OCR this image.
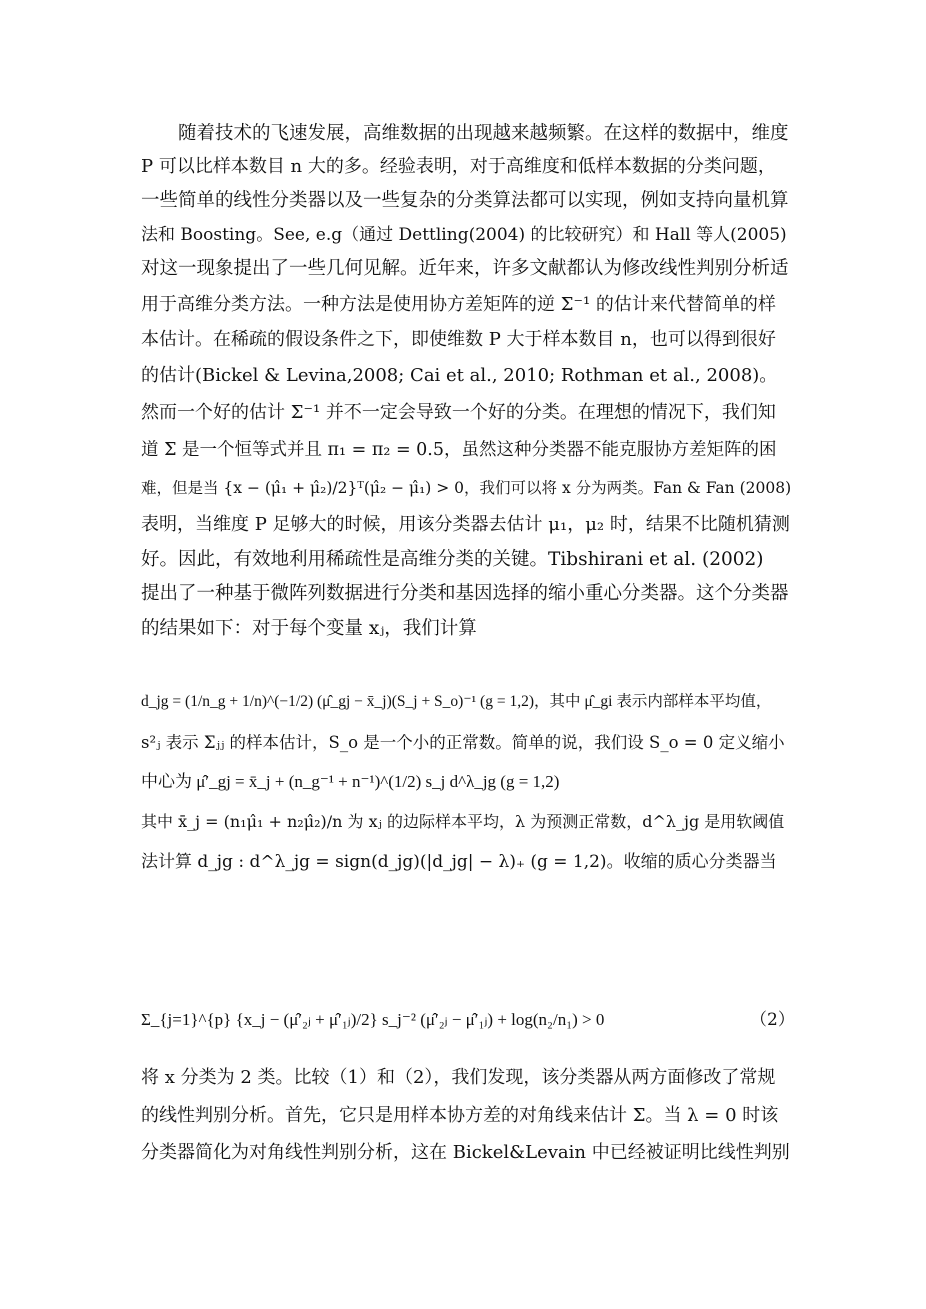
随着技术的飞速发展，高维数据的出现越来越频繁。在这样的数据中，维度
P 可以比样本数目 n 大的多。经验表明，对于高维度和低样本数据的分类问题，
一些简单的线性分类器以及一些复杂的分类算法都可以实现，例如支持向量机算
法和 Boosting。See, e.g（通过 Dettling(2004) 的比较研究）和 Hall 等人(2005)
对这一现象提出了一些几何见解。近年来，许多文献都认为修改线性判别分析适
用于高维分类方法。一种方法是使用协方差矩阵的逆 Σ⁻¹ 的估计来代替简单的样
本估计。在稀疏的假设条件之下，即使维数 P 大于样本数目 n，也可以得到很好
的估计(Bickel & Levina,2008; Cai et al., 2010; Rothman et al., 2008)。
然而一个好的估计 Σ⁻¹ 并不一定会导致一个好的分类。在理想的情况下，我们知
道 Σ 是一个恒等式并且 π₁ = π₂ = 0.5，虽然这种分类器不能克服协方差矩阵的困
难，但是当 {x − (μ̂₁ + μ̂₂)/2}ᵀ(μ̂₂ − μ̂₁) > 0，我们可以将 x 分为两类。Fan & Fan (2008)
表明，当维度 P 足够大的时候，用该分类器去估计 μ₁，μ₂ 时，结果不比随机猜测
好。因此，有效地利用稀疏性是高维分类的关键。Tibshirani et al. (2002)
提出了一种基于微阵列数据进行分类和基因选择的缩小重心分类器。这个分类器
的结果如下：对于每个变量 xⱼ，我们计算
d_jg = (1/n_g + 1/n)^(−1/2) (μ̂_gj − x̄_j)(S_j + S_o)⁻¹ (g = 1,2)，其中 μ̂_gi 表示内部样本平均值，
s²ⱼ 表示 Σⱼⱼ 的样本估计，S_o 是一个小的正常数。简单的说，我们设 S_o = 0 定义缩小
中心为 μ̂′_gj = x̄_j + (n_g⁻¹ + n⁻¹)^(1/2) s_j d^λ_jg (g = 1,2)
其中 x̄_j = (n₁μ̂₁ + n₂μ̂₂)/n 为 xⱼ 的边际样本平均，λ 为预测正常数，d^λ_jg 是用软阈值
法计算 d_jg : d^λ_jg = sign(d_jg)(|d_jg| − λ)₊ (g = 1,2)。收缩的质心分类器当
Σ_{j=1}^{p} {x_j − (μ̂′₂ⱼ + μ̂′₁ⱼ)/2} s_j⁻² (μ̂′₂ⱼ − μ̂′₁ⱼ) + log(n₂/n₁) > 0	（2）
将 x 分类为 2 类。比较（1）和（2），我们发现，该分类器从两方面修改了常规
的线性判别分析。首先，它只是用样本协方差的对角线来估计 Σ。当 λ = 0 时该
分类器简化为对角线性判别分析，这在 Bickel&Levain 中已经被证明比线性判别
